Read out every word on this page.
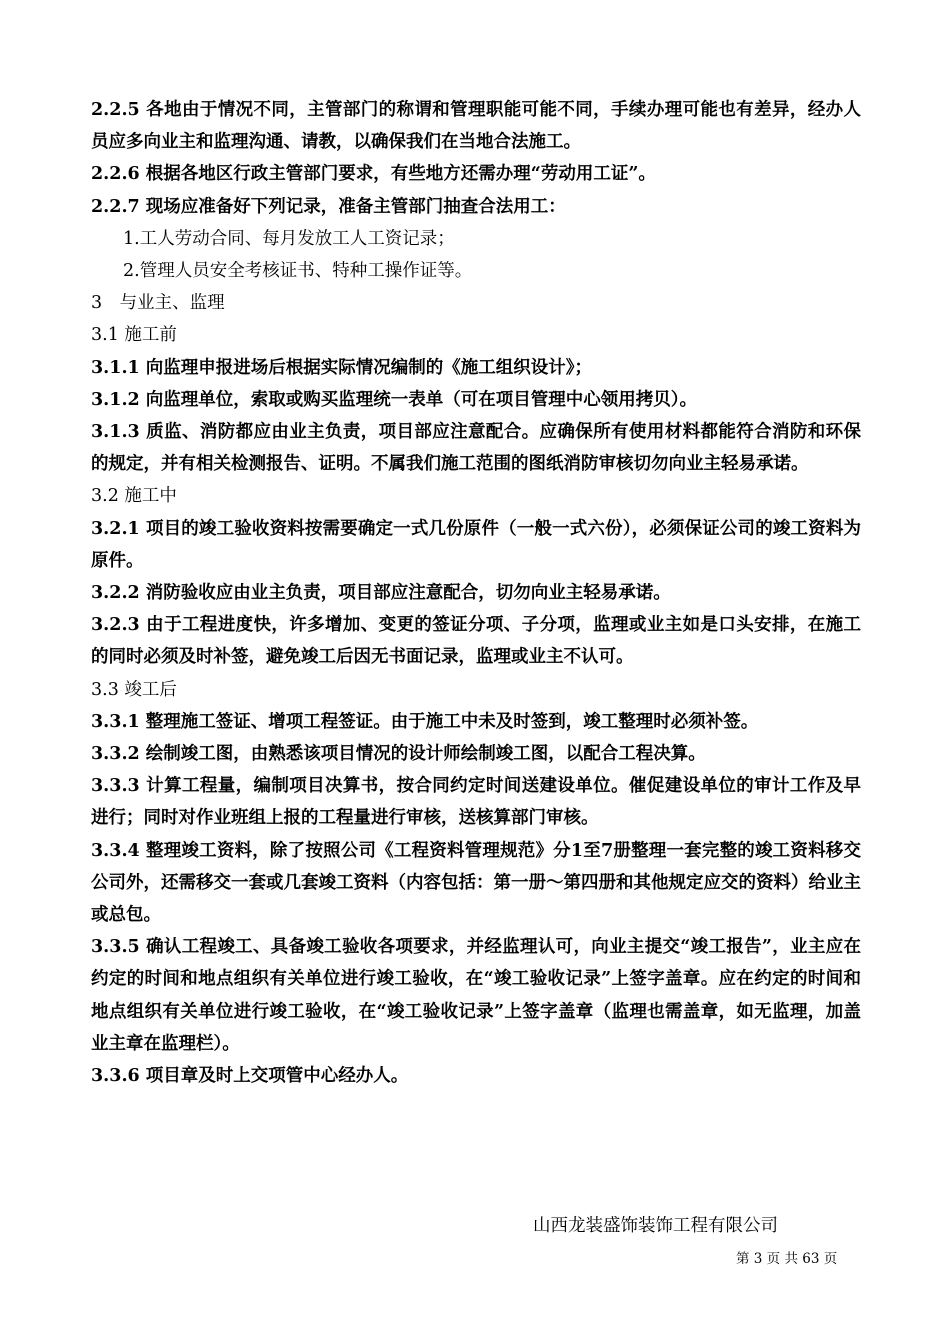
2.2.5 各地由于情况不同，主管部门的称谓和管理职能可能不同，手续办理可能也有差异，经办人员应多向业主和监理沟通、请教，以确保我们在当地合法施工。

2.2.6 根据各地区行政主管部门要求，有些地方还需办理“劳动用工证”。

2.2.7 现场应准备好下列记录，准备主管部门抽查合法用工：

1.工人劳动合同、每月发放工人工资记录；

2.管理人员安全考核证书、特种工操作证等。

3　与业主、监理

3.1 施工前

3.1.1 向监理申报进场后根据实际情况编制的《施工组织设计》；

3.1.2 向监理单位，索取或购买监理统一表单（可在项目管理中心领用拷贝）。

3.1.3 质监、消防都应由业主负责，项目部应注意配合。应确保所有使用材料都能符合消防和环保的规定，并有相关检测报告、证明。不属我们施工范围的图纸消防审核切勿向业主轻易承诺。

3.2 施工中

3.2.1 项目的竣工验收资料按需要确定一式几份原件（一般一式六份），必须保证公司的竣工资料为原件。

3.2.2 消防验收应由业主负责，项目部应注意配合，切勿向业主轻易承诺。

3.2.3 由于工程进度快，许多增加、变更的签证分项、子分项，监理或业主如是口头安排，在施工的同时必须及时补签，避免竣工后因无书面记录，监理或业主不认可。

3.3 竣工后

3.3.1 整理施工签证、增项工程签证。由于施工中未及时签到，竣工整理时必须补签。

3.3.2 绘制竣工图，由熟悉该项目情况的设计师绘制竣工图，以配合工程决算。

3.3.3 计算工程量，编制项目决算书，按合同约定时间送建设单位。催促建设单位的审计工作及早进行；同时对作业班组上报的工程量进行审核，送核算部门审核。

3.3.4 整理竣工资料，除了按照公司《工程资料管理规范》分1至7册整理一套完整的竣工资料移交公司外，还需移交一套或几套竣工资料（内容包括：第一册～第四册和其他规定应交的资料）给业主或总包。

3.3.5 确认工程竣工、具备竣工验收各项要求，并经监理认可，向业主提交“竣工报告”，业主应在约定的时间和地点组织有关单位进行竣工验收，在“竣工验收记录”上签字盖章。应在约定的时间和地点组织有关单位进行竣工验收，在“竣工验收记录”上签字盖章（监理也需盖章，如无监理，加盖业主章在监理栏）。

3.3.6 项目章及时上交项管中心经办人。

山西龙装盛饰装饰工程有限公司
第 3 页 共 63 页
